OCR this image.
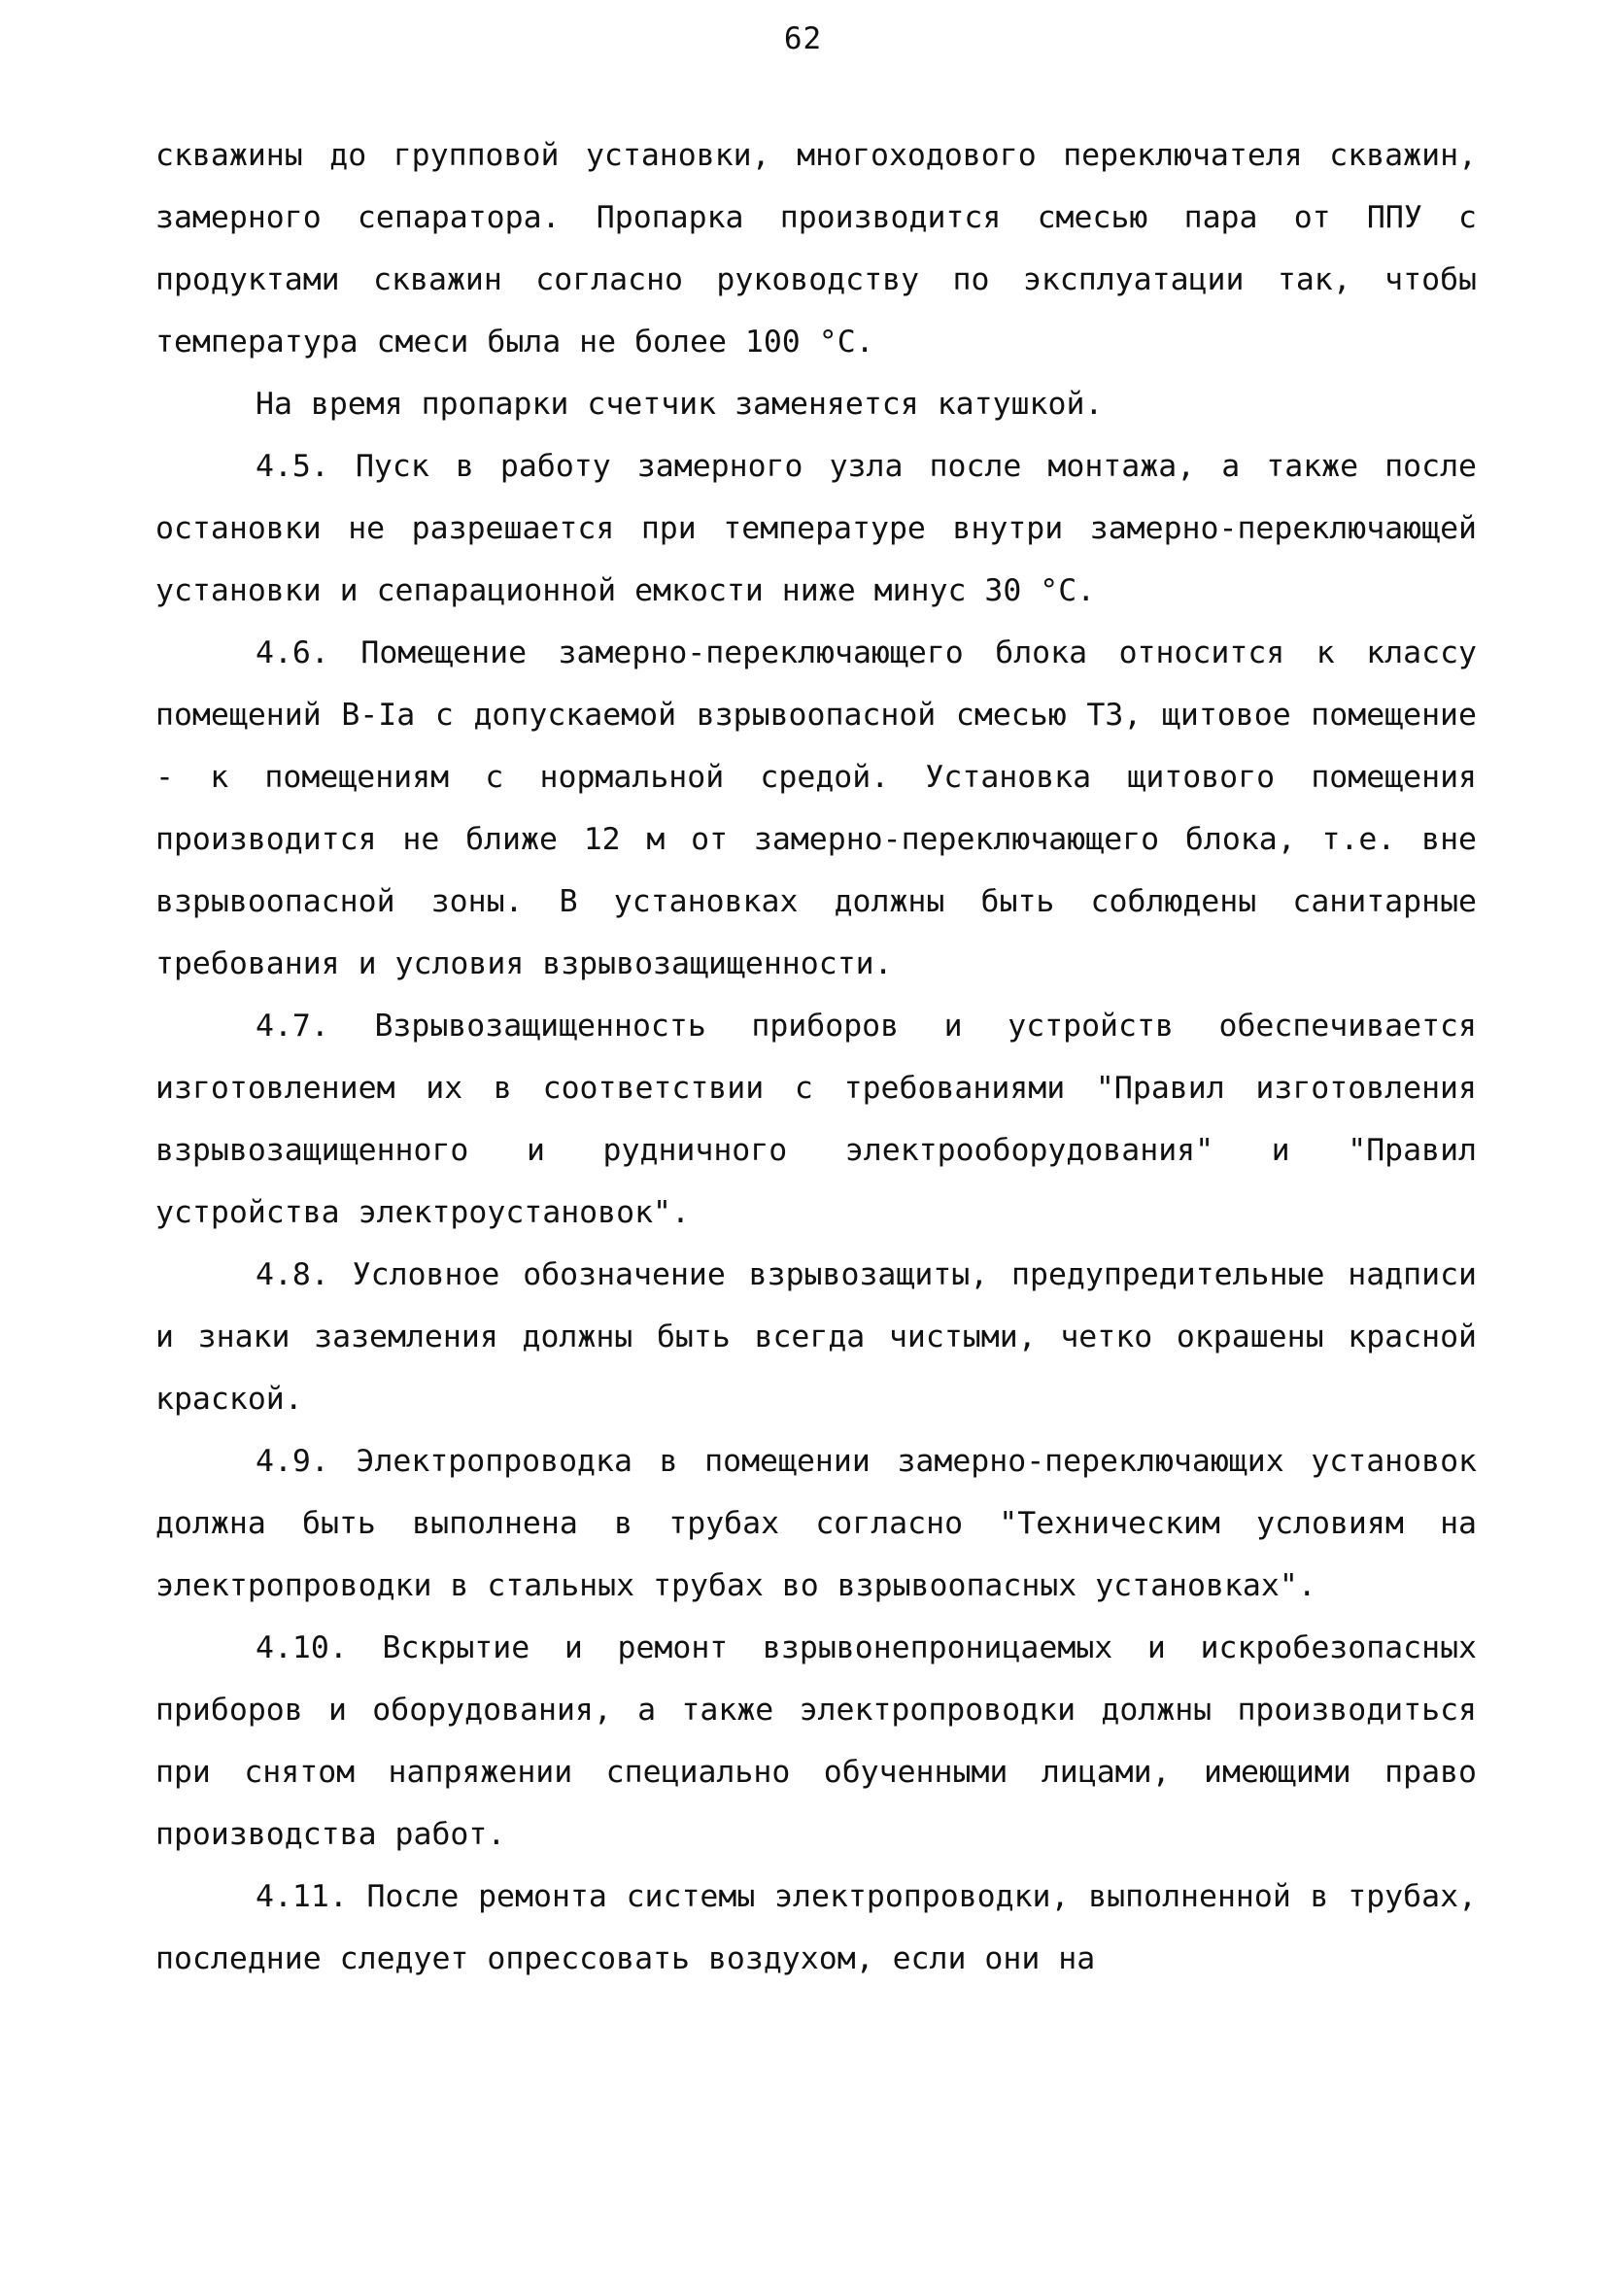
62

скважины до групповой установки, многоходового переключателя скважин, замерного сепаратора. Пропарка производится смесью пара от ППУ с продуктами скважин согласно руководству по эксплуатации так, чтобы температура смеси была не более 100 °С.

На время пропарки счетчик заменяется катушкой.

4.5. Пуск в работу замерного узла после монтажа, а также после остановки не разрешается при температуре внутри замерно-переключающей установки и сепарационной емкости ниже минус 30 °С.

4.6. Помещение замерно-переключающего блока относится к классу помещений В-Iа с допускаемой взрывоопасной смесью Т3, щитовое помещение - к помещениям с нормальной средой. Установка щитового помещения производится не ближе 12 м от замерно-переключающего блока, т.е. вне взрывоопасной зоны. В установках должны быть соблюдены санитарные требования и условия взрывозащищенности.

4.7. Взрывозащищенность приборов и устройств обеспечивается изготовлением их в соответствии с требованиями "Правил изготовления взрывозащищенного и рудничного электрооборудования" и "Правил устройства электроустановок".

4.8. Условное обозначение взрывозащиты, предупредительные надписи и знаки заземления должны быть всегда чистыми, четко окрашены красной краской.

4.9. Электропроводка в помещении замерно-переключающих установок должна быть выполнена в трубах согласно "Техническим условиям на электропроводки в стальных трубах во взрывоопасных установках".

4.10. Вскрытие и ремонт взрывонепроницаемых и искробезопасных приборов и оборудования, а также электропроводки должны производиться при снятом напряжении специально обученными лицами, имеющими право производства работ.

4.11. После ремонта системы электропроводки, выполненной в трубах, последние следует опрессовать воздухом, если они на
